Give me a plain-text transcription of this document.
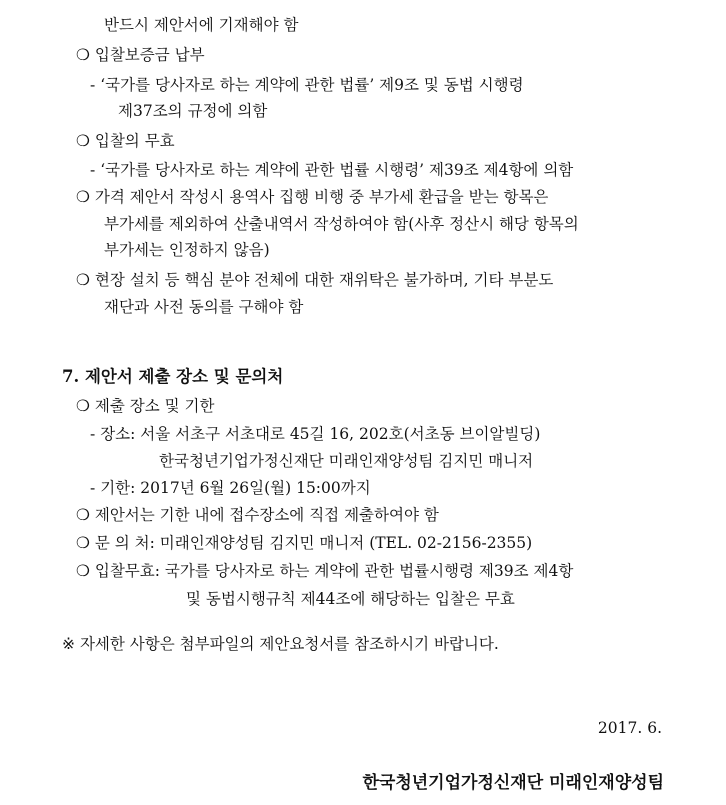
반드시 제안서에 기재해야 함
❍ 입찰보증금 납부
- ‘국가를 당사자로 하는 계약에 관한 법률’ 제9조 및 동법 시행령
제37조의 규정에 의함
❍ 입찰의 무효
- ‘국가를 당사자로 하는 계약에 관한 법률 시행령’ 제39조 제4항에 의함
❍ 가격 제안서 작성시 용역사 집행 비행 중 부가세 환급을 받는 항목은
부가세를 제외하여 산출내역서 작성하여야 함(사후 정산시 해당 항목의
부가세는 인정하지 않음)
❍ 현장 설치 등 핵심 분야 전체에 대한 재위탁은 불가하며, 기타 부분도
재단과 사전 동의를 구해야 함
7. 제안서 제출 장소 및 문의처
❍ 제출 장소 및 기한
- 장소: 서울 서초구 서초대로 45길 16, 202호(서초동 브이알빌딩)
한국청년기업가정신재단 미래인재양성팀 김지민 매니저
- 기한: 2017년 6월 26일(월) 15:00까지
❍ 제안서는 기한 내에 접수장소에 직접 제출하여야 함
❍ 문 의 처: 미래인재양성팀 김지민 매니저 (TEL. 02-2156-2355)
❍ 입찰무효: 국가를 당사자로 하는 계약에 관한 법률시행령 제39조 제4항
및 동법시행규칙 제44조에 해당하는 입찰은 무효
※ 자세한 사항은 첨부파일의 제안요청서를 참조하시기 바랍니다.
2017. 6.
한국청년기업가정신재단 미래인재양성팀
